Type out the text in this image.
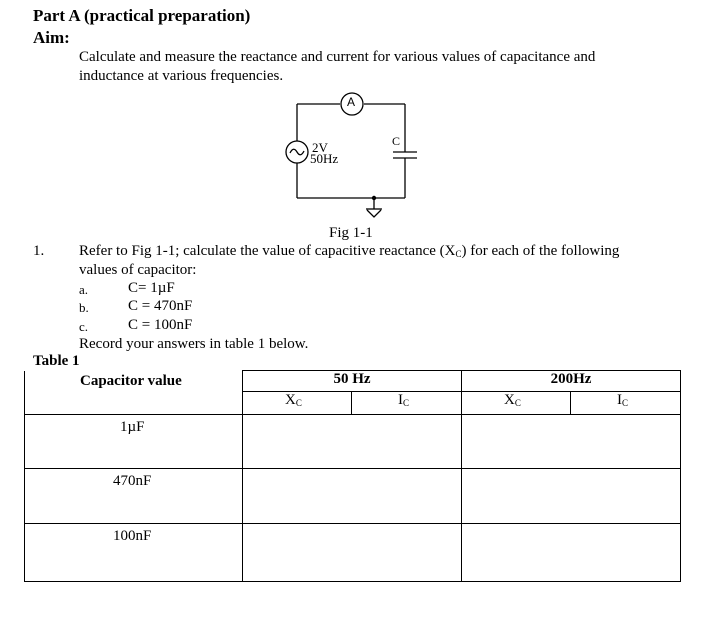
Part A (practical preparation)
Aim:
Calculate and measure the reactance and current for various values of capacitance and
inductance at various frequencies.
A
2V
50Hz
C
Fig 1-1
1. Refer to Fig 1-1; calculate the value of capacitive reactance $(X_C)$ for each of the following
values of capacitor:
a.	C= 1µF
b.	C = 470nF
c.	C = 100nF
Record your answers in table 1 below.
Table 1
Capacitor value	50 Hz		200Hz	
	$X_C$	$I_C$	$X_C$	$I_C$

1µF				

470nF				

100nF				
